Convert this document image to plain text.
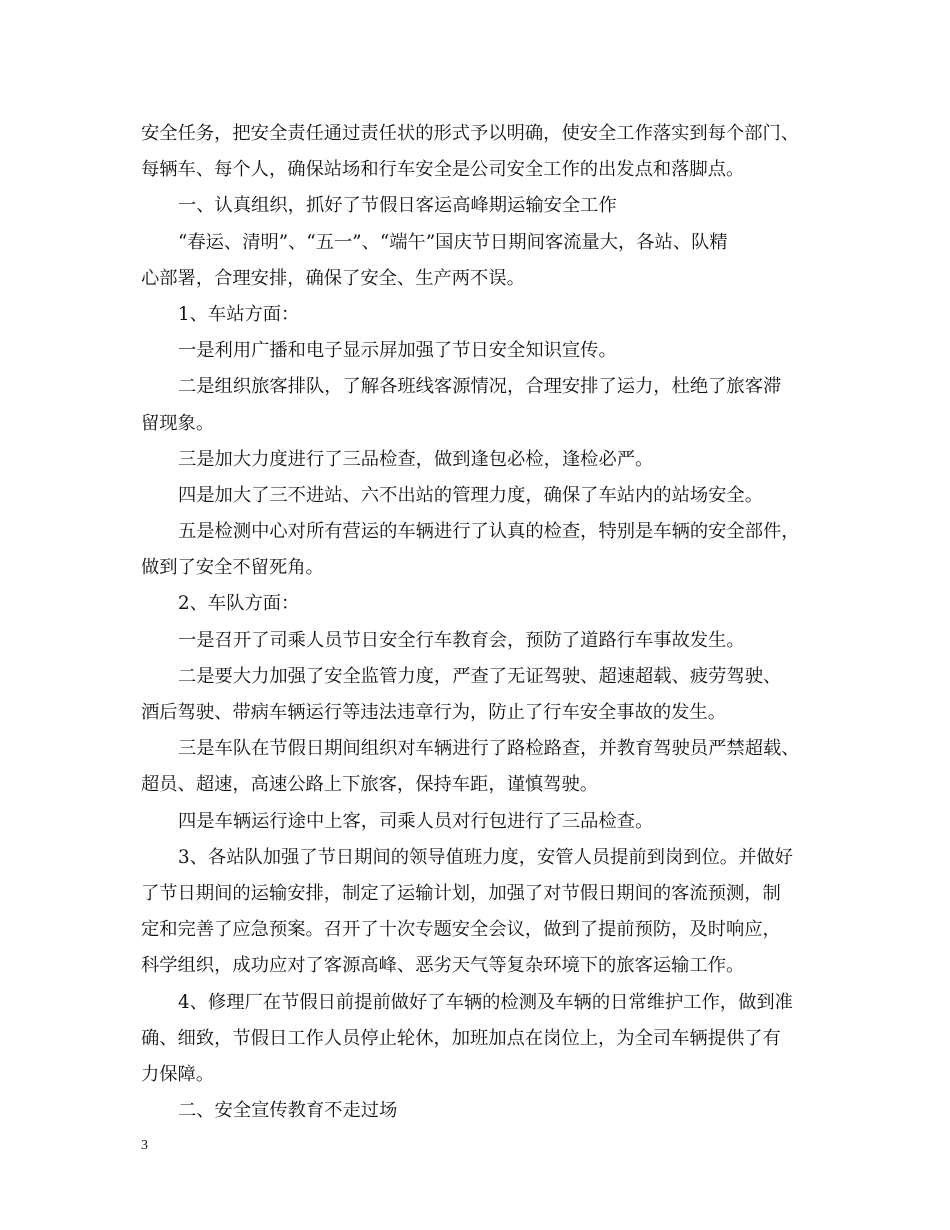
安全任务，把安全责任通过责任状的形式予以明确，使安全工作落实到每个部门、
每辆车、每个人，确保站场和行车安全是公司安全工作的出发点和落脚点。
一、认真组织，抓好了节假日客运高峰期运输安全工作
“春运、清明”、“五一”、“端午”国庆节日期间客流量大，各站、队精
心部署，合理安排，确保了安全、生产两不误。
1、车站方面：
一是利用广播和电子显示屏加强了节日安全知识宣传。
二是组织旅客排队，了解各班线客源情况，合理安排了运力，杜绝了旅客滞
留现象。
三是加大力度进行了三品检查，做到逢包必检，逢检必严。
四是加大了三不进站、六不出站的管理力度，确保了车站内的站场安全。
五是检测中心对所有营运的车辆进行了认真的检查，特别是车辆的安全部件，
做到了安全不留死角。
2、车队方面：
一是召开了司乘人员节日安全行车教育会，预防了道路行车事故发生。
二是要大力加强了安全监管力度，严查了无证驾驶、超速超载、疲劳驾驶、
酒后驾驶、带病车辆运行等违法违章行为，防止了行车安全事故的发生。
三是车队在节假日期间组织对车辆进行了路检路查，并教育驾驶员严禁超载、
超员、超速，高速公路上下旅客，保持车距，谨慎驾驶。
四是车辆运行途中上客，司乘人员对行包进行了三品检查。
3、各站队加强了节日期间的领导值班力度，安管人员提前到岗到位。并做好
了节日期间的运输安排，制定了运输计划，加强了对节假日期间的客流预测，制
定和完善了应急预案。召开了十次专题安全会议，做到了提前预防，及时响应，
科学组织，成功应对了客源高峰、恶劣天气等复杂环境下的旅客运输工作。
4、修理厂在节假日前提前做好了车辆的检测及车辆的日常维护工作，做到准
确、细致，节假日工作人员停止轮休，加班加点在岗位上，为全司车辆提供了有
力保障。
二、安全宣传教育不走过场
3
